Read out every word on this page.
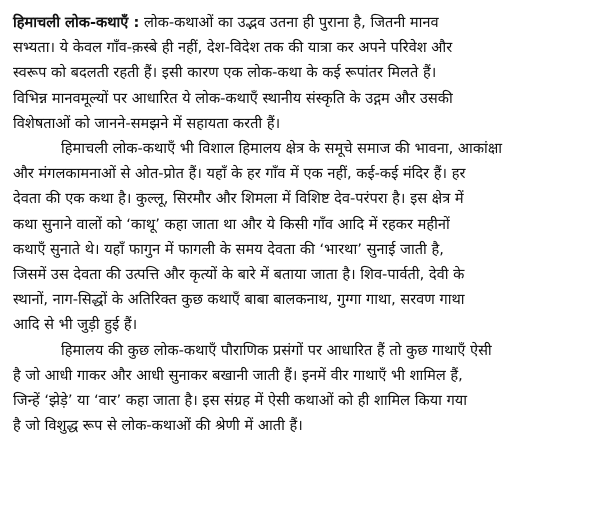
हिमाचली लोक-कथाएँ : लोक-कथाओं का उद्भव उतना ही पुराना है, जितनी मानव
सभ्यता। ये केवल गाँव-क़स्बे ही नहीं, देश-विदेश तक की यात्रा कर अपने परिवेश और
स्वरूप को बदलती रहती हैं। इसी कारण एक लोक-कथा के कई रूपांतर मिलते हैं।
विभिन्न मानवमूल्यों पर आधारित ये लोक-कथाएँ स्थानीय संस्कृति के उद्गम और उसकी
विशेषताओं को जानने-समझने में सहायता करती हैं।

हिमाचली लोक-कथाएँ भी विशाल हिमालय क्षेत्र के समूचे समाज की भावना, आकांक्षा
और मंगलकामनाओं से ओत-प्रोत हैं। यहाँ के हर गाँव में एक नहीं, कई-कई मंदिर हैं। हर
देवता की एक कथा है। कुल्लू, सिरमौर और शिमला में विशिष्ट देव-परंपरा है। इस क्षेत्र में
कथा सुनाने वालों को ‘काथू’ कहा जाता था और ये किसी गाँव आदि में रहकर महीनों
कथाएँ सुनाते थे। यहाँ फागुन में फागली के समय देवता की ‘भारथा’ सुनाई जाती है,
जिसमें उस देवता की उत्पत्ति और कृत्यों के बारे में बताया जाता है। शिव-पार्वती, देवी के
स्थानों, नाग-सिद्धों के अतिरिक्त कुछ कथाएँ बाबा बालकनाथ, गुग्गा गाथा, सरवण गाथा
आदि से भी जुड़ी हुई हैं।

हिमालय की कुछ लोक-कथाएँ पौराणिक प्रसंगों पर आधारित हैं तो कुछ गाथाएँ ऐसी
है जो आधी गाकर और आधी सुनाकर बखानी जाती हैं। इनमें वीर गाथाएँ भी शामिल हैं,
जिन्हें ‘झेड़े’ या ‘वार’ कहा जाता है। इस संग्रह में ऐसी कथाओं को ही शामिल किया गया
है जो विशुद्ध रूप से लोक-कथाओं की श्रेणी में आती हैं।
